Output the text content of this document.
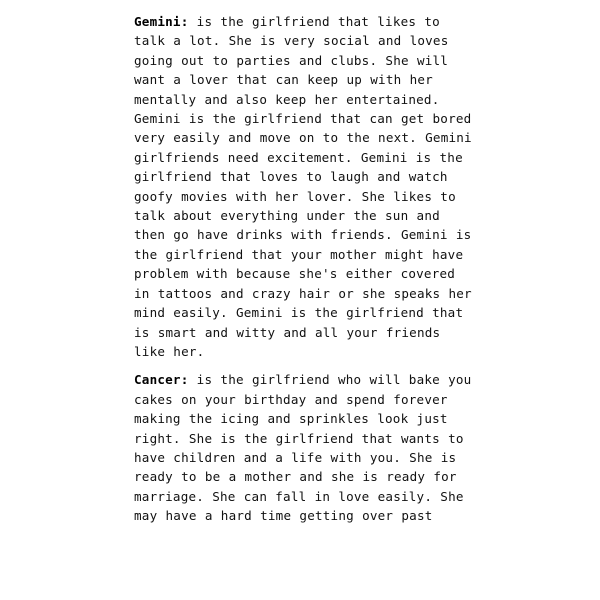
Gemini: is the girlfriend that likes to talk a lot. She is very social and loves going out to parties and clubs. She will want a lover that can keep up with her mentally and also keep her entertained. Gemini is the girlfriend that can get bored very easily and move on to the next. Gemini girlfriends need excitement. Gemini is the girlfriend that loves to laugh and watch goofy movies with her lover. She likes to talk about everything under the sun and then go have drinks with friends. Gemini is the girlfriend that your mother might have problem with because she's either covered in tattoos and crazy hair or she speaks her mind easily. Gemini is the girlfriend that is smart and witty and all your friends like her.

Cancer: is the girlfriend who will bake you cakes on your birthday and spend forever making the icing and sprinkles look just right. She is the girlfriend that wants to have children and a life with you. She is ready to be a mother and she is ready for marriage. She can fall in love easily. She may have a hard time getting over past
